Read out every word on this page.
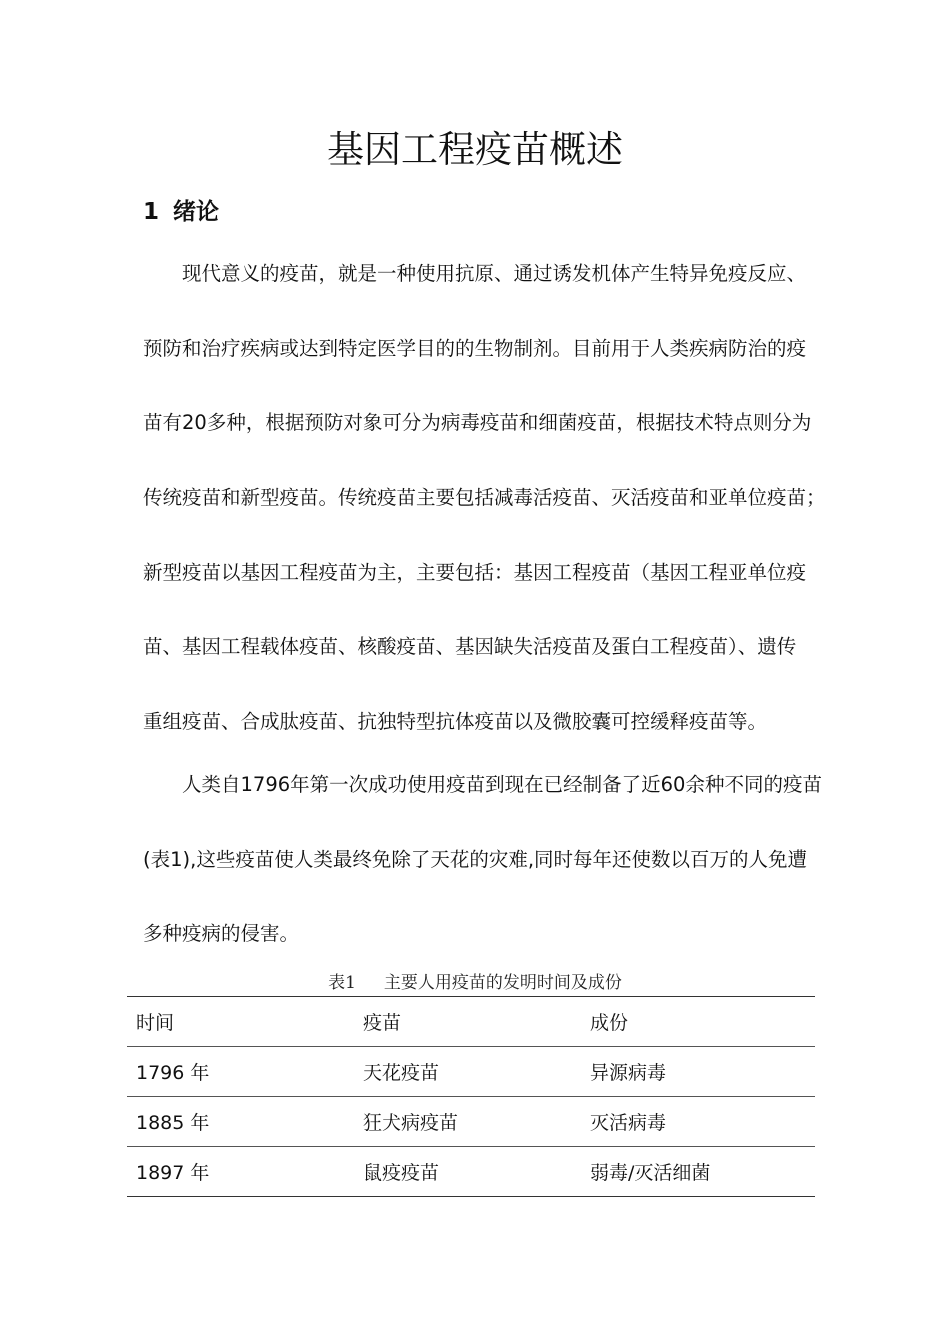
基因工程疫苗概述
1 绪论
现代意义的疫苗，就是一种使用抗原、通过诱发机体产生特异免疫反应、
预防和治疗疾病或达到特定医学目的的生物制剂。目前用于人类疾病防治的疫
苗有20多种，根据预防对象可分为病毒疫苗和细菌疫苗，根据技术特点则分为
传统疫苗和新型疫苗。传统疫苗主要包括减毒活疫苗、灭活疫苗和亚单位疫苗；
新型疫苗以基因工程疫苗为主，主要包括：基因工程疫苗（基因工程亚单位疫
苗、基因工程载体疫苗、核酸疫苗、基因缺失活疫苗及蛋白工程疫苗）、遗传
重组疫苗、合成肽疫苗、抗独特型抗体疫苗以及微胶囊可控缓释疫苗等。
人类自1796年第一次成功使用疫苗到现在已经制备了近60余种不同的疫苗
(表1),这些疫苗使人类最终免除了天花的灾难,同时每年还使数以百万的人免遭
多种疫病的侵害。
表1 主要人用疫苗的发明时间及成份
时间	疫苗	成份
1796 年	天花疫苗	异源病毒
1885 年	狂犬病疫苗	灭活病毒
1897 年	鼠疫疫苗	弱毒/灭活细菌
